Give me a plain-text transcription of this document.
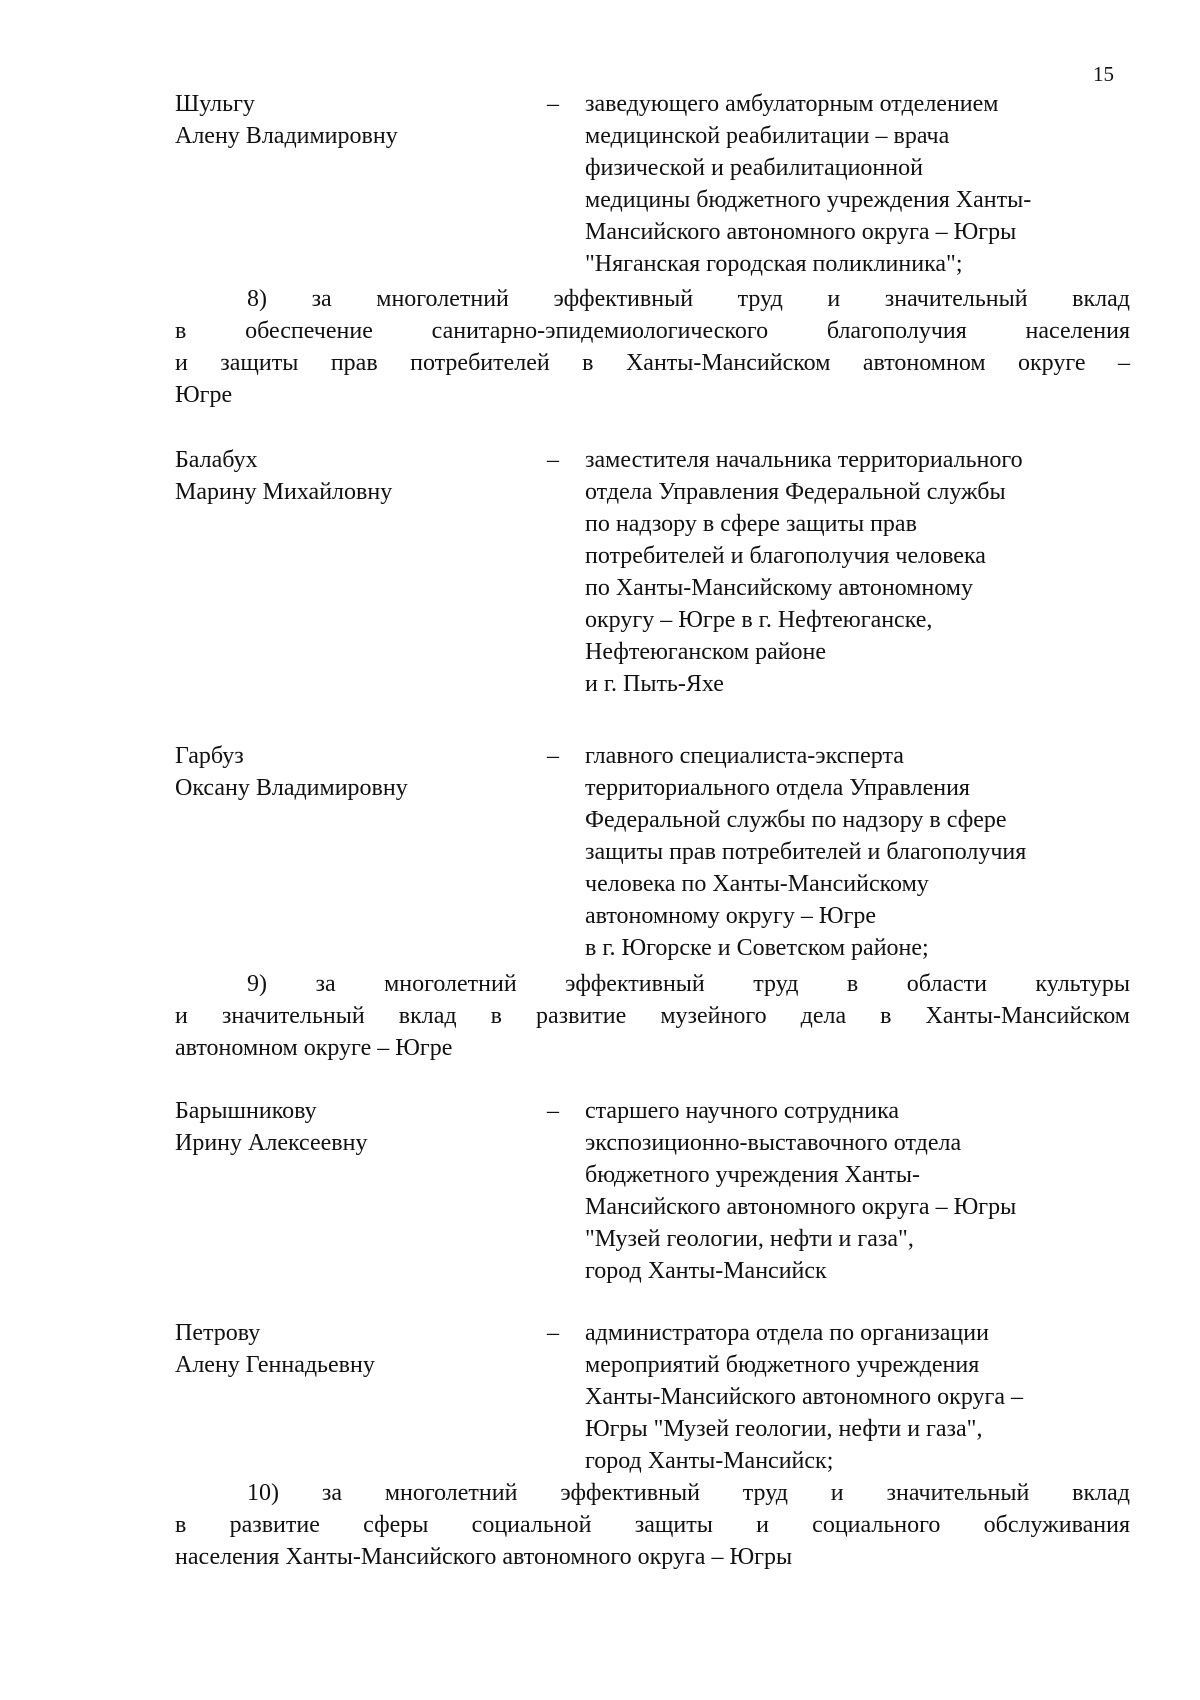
15
Шульгу
Алену Владимировну
– заведующего амбулаторным отделением
медицинской реабилитации – врача
физической и реабилитационной
медицины бюджетного учреждения Ханты-
Мансийского автономного округа – Югры
"Няганская городская поликлиника";
8) за многолетний эффективный труд и значительный вклад
в обеспечение санитарно-эпидемиологического благополучия населения
и защиты прав потребителей в Ханты-Мансийском автономном округе –
Югре
Балабух
Марину Михайловну
– заместителя начальника территориального
отдела Управления Федеральной службы
по надзору в сфере защиты прав
потребителей и благополучия человека
по Ханты-Мансийскому автономному
округу – Югре в г. Нефтеюганске,
Нефтеюганском районе
и г. Пыть-Яхе
Гарбуз
Оксану Владимировну
– главного специалиста-эксперта
территориального отдела Управления
Федеральной службы по надзору в сфере
защиты прав потребителей и благополучия
человека по Ханты-Мансийскому
автономному округу – Югре
в г. Югорске и Советском районе;
9) за многолетний эффективный труд в области культуры
и значительный вклад в развитие музейного дела в Ханты-Мансийском
автономном округе – Югре
Барышникову
Ирину Алексеевну
– старшего научного сотрудника
экспозиционно-выставочного отдела
бюджетного учреждения Ханты-
Мансийского автономного округа – Югры
"Музей геологии, нефти и газа",
город Ханты-Мансийск
Петрову
Алену Геннадьевну
– администратора отдела по организации
мероприятий бюджетного учреждения
Ханты-Мансийского автономного округа –
Югры "Музей геологии, нефти и газа",
город Ханты-Мансийск;
10) за многолетний эффективный труд и значительный вклад
в развитие сферы социальной защиты и социального обслуживания
населения Ханты-Мансийского автономного округа – Югры
